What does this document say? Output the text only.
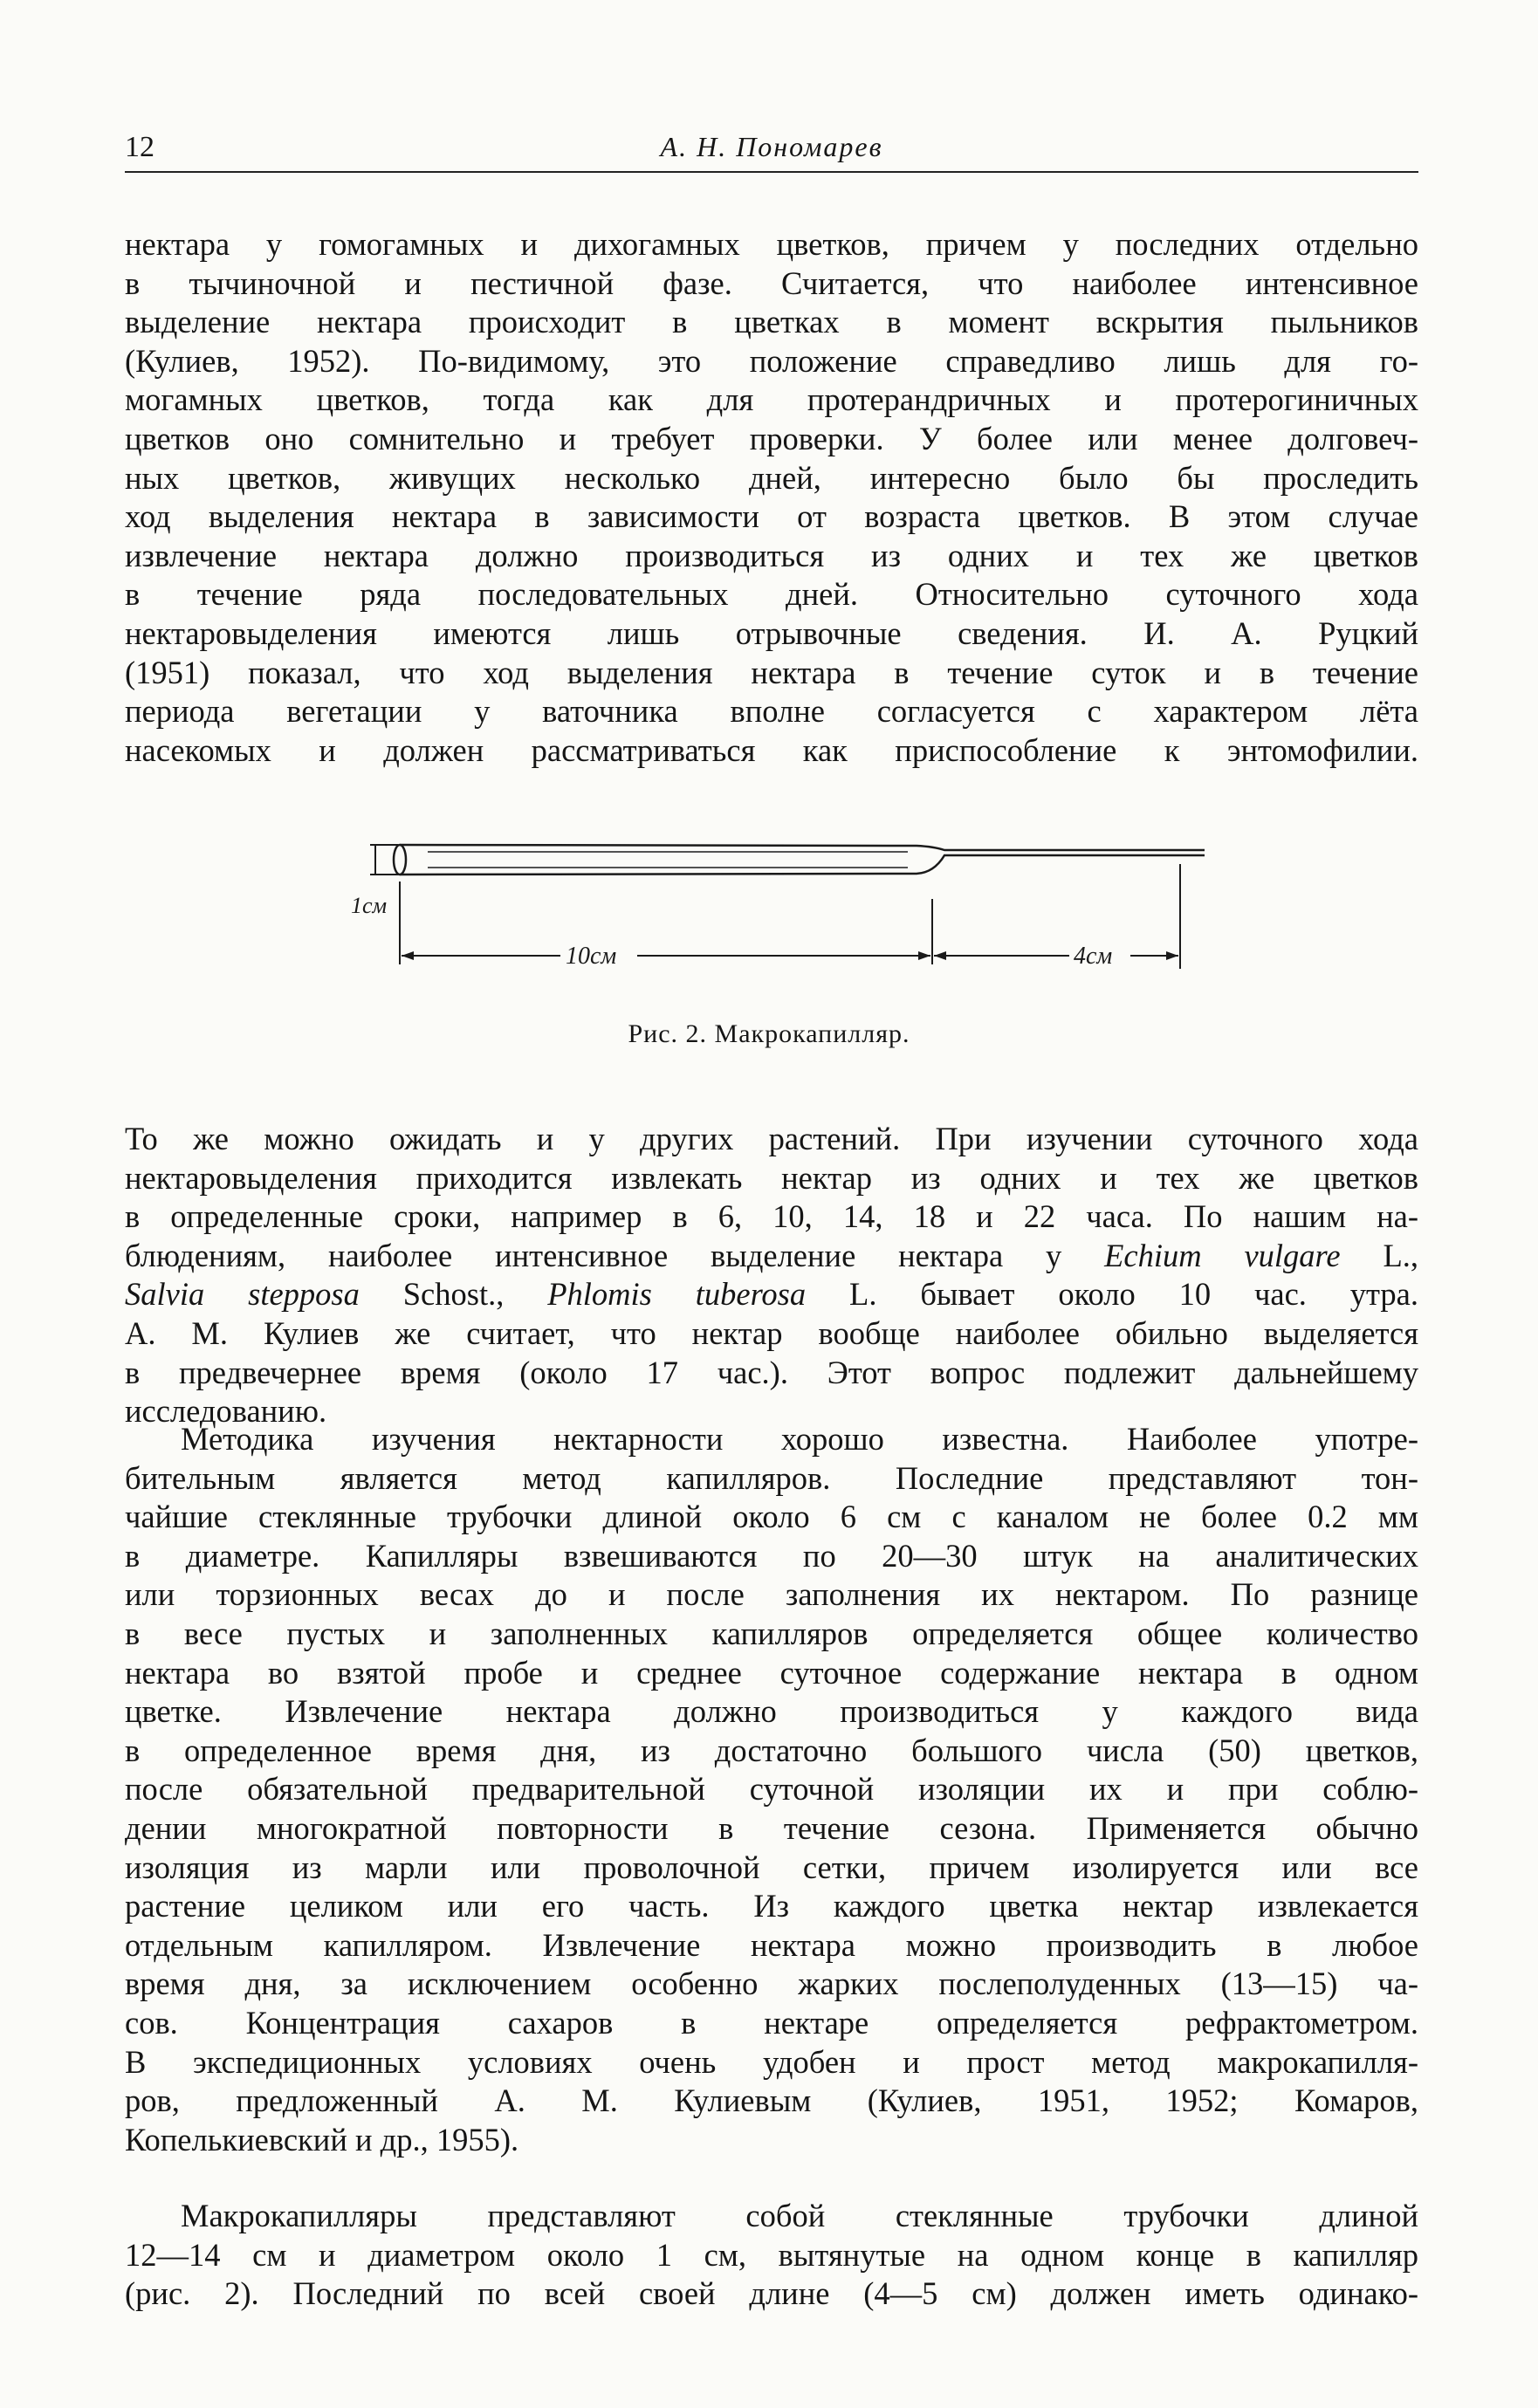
12	А. Н. Пономарев
нектара у гомогамных и дихогамных цветков, причем у последних отдельно
в тычиночной и пестичной фазе. Считается, что наиболее интенсивное
выделение нектара происходит в цветках в момент вскрытия пыльников
(Кулиев, 1952). По-видимому, это положение справедливо лишь для го-
могамных цветков, тогда как для протерандричных и протерогиничных
цветков оно сомнительно и требует проверки. У более или менее долговеч-
ных цветков, живущих несколько дней, интересно было бы проследить
ход выделения нектара в зависимости от возраста цветков. В этом случае
извлечение нектара должно производиться из одних и тех же цветков
в течение ряда последовательных дней. Относительно суточного хода
нектаровыделения имеются лишь отрывочные сведения. И. А. Руцкий
(1951) показал, что ход выделения нектара в течение суток и в течение
периода вегетации у ваточника вполне согласуется с характером лёта
насекомых и должен рассматриваться как приспособление к энтомофилии.
1см
10см	4см
Рис. 2. Макрокапилляр.
То же можно ожидать и у других растений. При изучении суточного хода
нектаровыделения приходится извлекать нектар из одних и тех же цветков
в определенные сроки, например в 6, 10, 14, 18 и 22 часа. По нашим на-
блюдениям, наиболее интенсивное выделение нектара у Echium vulgare L.,
Salvia stepposa Schost., Phlomis tuberosa L. бывает около 10 час. утра.
А. М. Кулиев же считает, что нектар вообще наиболее обильно выделяется
в предвечернее время (около 17 час.). Этот вопрос подлежит дальнейшему
исследованию.
Методика изучения нектарности хорошо известна. Наиболее употре-
бительным является метод капилляров. Последние представляют тон-
чайшие стеклянные трубочки длиной около 6 см с каналом не более 0.2 мм
в диаметре. Капилляры взвешиваются по 20—30 штук на аналитических
или торзионных весах до и после заполнения их нектаром. По разнице
в весе пустых и заполненных капилляров определяется общее количество
нектара во взятой пробе и среднее суточное содержание нектара в одном
цветке. Извлечение нектара должно производиться у каждого вида
в определенное время дня, из достаточно большого числа (50) цветков,
после обязательной предварительной суточной изоляции их и при соблю-
дении многократной повторности в течение сезона. Применяется обычно
изоляция из марли или проволочной сетки, причем изолируется или все
растение целиком или его часть. Из каждого цветка нектар извлекается
отдельным капилляром. Извлечение нектара можно производить в любое
время дня, за исключением особенно жарких послеполуденных (13—15) ча-
сов. Концентрация сахаров в нектаре определяется рефрактометром.
В экспедиционных условиях очень удобен и прост метод макрокапилля-
ров, предложенный А. М. Кулиевым (Кулиев, 1951, 1952; Комаров,
Копелькиевский и др., 1955).
Макрокапилляры представляют собой стеклянные трубочки длиной
12—14 см и диаметром около 1 см, вытянутые на одном конце в капилляр
(рис. 2). Последний по всей своей длине (4—5 см) должен иметь одинако-
